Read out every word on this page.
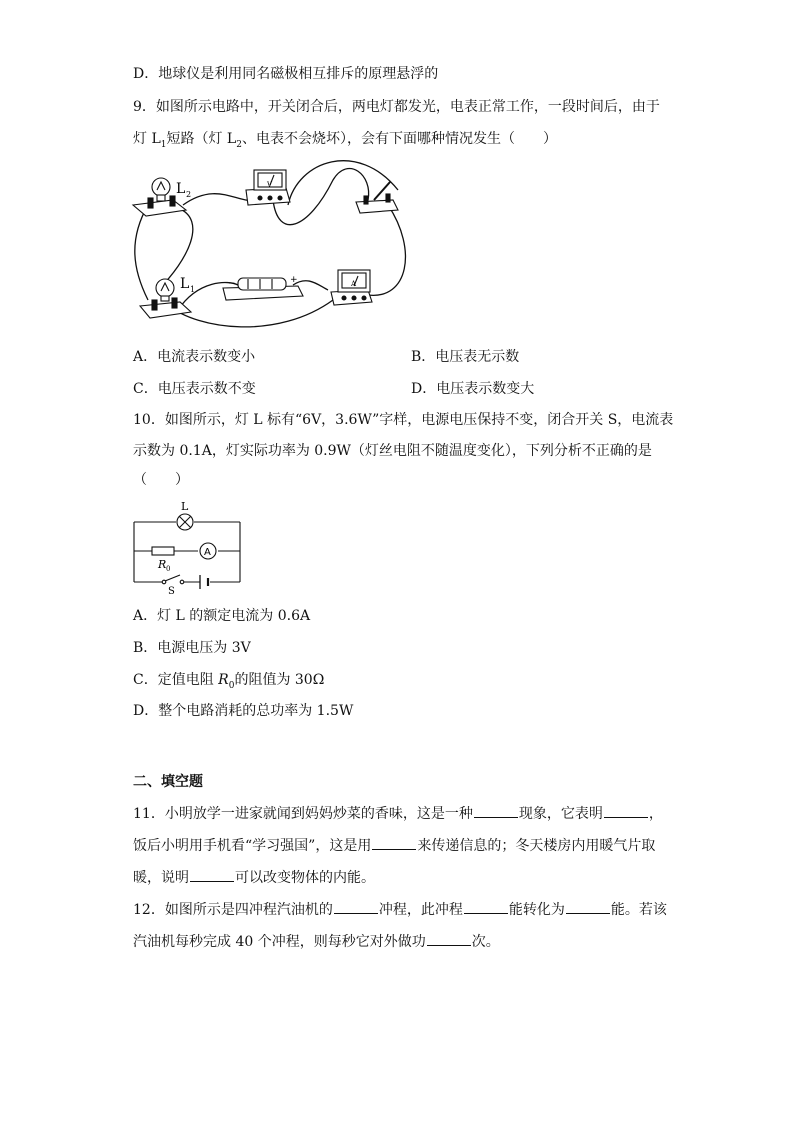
D．地球仪是利用同名磁极相互排斥的原理悬浮的
9．如图所示电路中，开关闭合后，两电灯都发光，电表正常工作，一段时间后，由于
灯 $L_1$短路（灯 $L_2$、电表不会烧坏），会有下面哪种情况发生（　　）
L 2
V
−	+	A
L 1
A．电流表示数变小	B．电压表无示数
C．电压表示数不变	D．电压表示数变大
10．如图所示，灯 L 标有“6V，3.6W”字样，电源电压保持不变，闭合开关 S，电流表
示数为 0.1A，灯实际功率为 0.9W（灯丝电阻不随温度变化），下列分析不正确的是
（　　）
L
R 0
A
S
A．灯 L 的额定电流为 0.6A
B．电源电压为 3V
C．定值电阻 $R_0$的阻值为 30Ω
D．整个电路消耗的总功率为 1.5W
二、填空题
11．小明放学一进家就闻到妈妈炒菜的香味，这是一种	现象，它表明	，
饭后小明用手机看“学习强国”，这是用	来传递信息的；冬天楼房内用暖气片取
暖，说明	可以改变物体的内能。
12．如图所示是四冲程汽油机的	冲程，此冲程	能转化为	能。若该
汽油机每秒完成 40 个冲程，则每秒它对外做功	次。
